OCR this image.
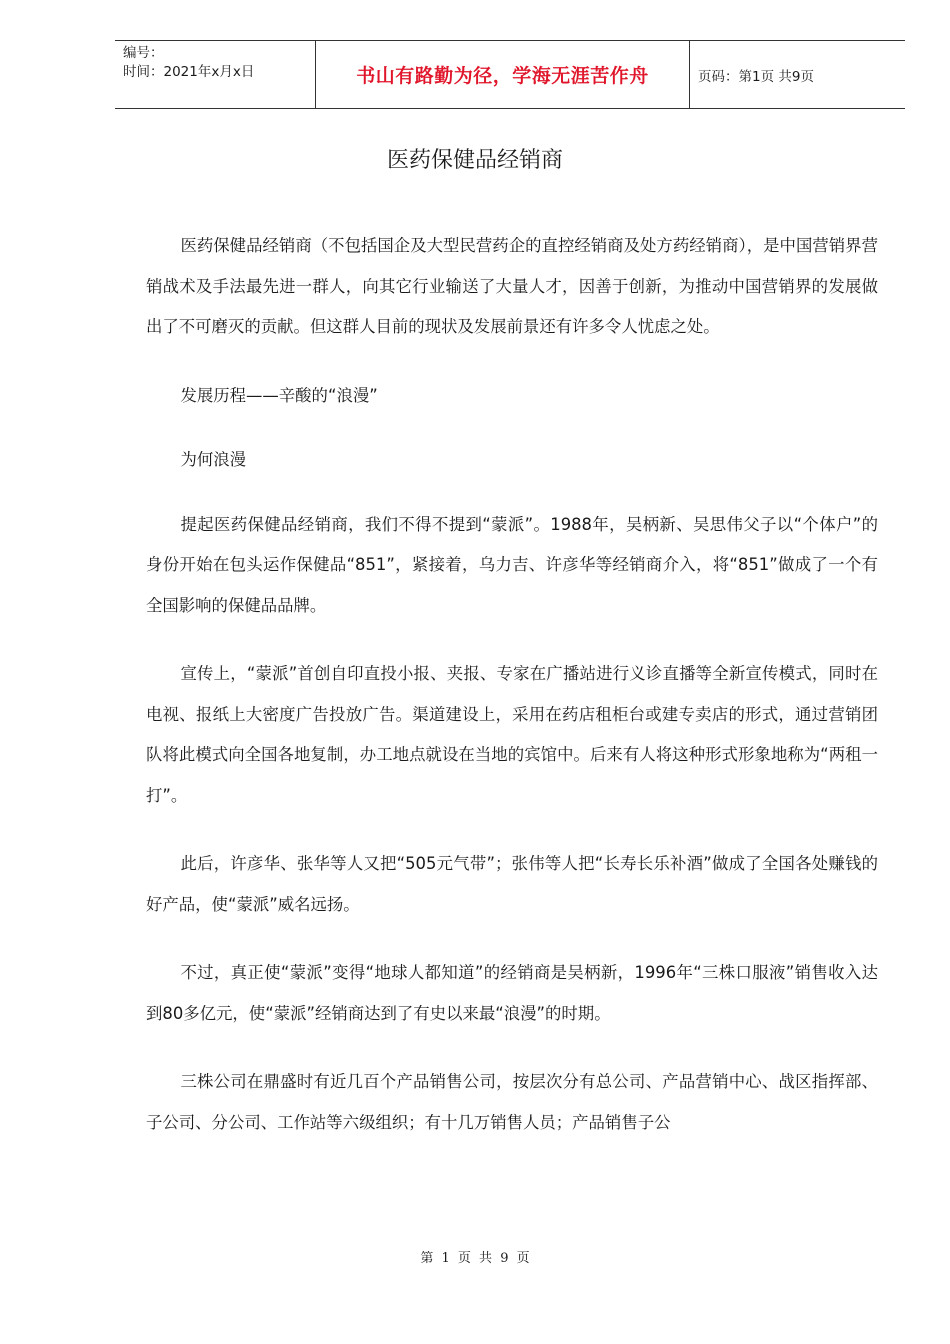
编号：
时间：2021年x月x日	书山有路勤为径，学海无涯苦作舟	页码：第1页 共9页
医药保健品经销商

医药保健品经销商（不包括国企及大型民营药企的直控经销商及处方药经销商），是中国营销界营销战术及手法最先进一群人，向其它行业输送了大量人才，因善于创新，为推动中国营销界的发展做出了不可磨灭的贡献。但这群人目前的现状及发展前景还有许多令人忧虑之处。

发展历程——辛酸的“浪漫”

为何浪漫

提起医药保健品经销商，我们不得不提到“蒙派”。1988年，吴柄新、吴思伟父子以“个体户”的身份开始在包头运作保健品“851”，紧接着，乌力吉、许彦华等经销商介入，将“851”做成了一个有全国影响的保健品品牌。

宣传上，“蒙派”首创自印直投小报、夹报、专家在广播站进行义诊直播等全新宣传模式，同时在电视、报纸上大密度广告投放广告。渠道建设上，采用在药店租柜台或建专卖店的形式，通过营销团队将此模式向全国各地复制，办工地点就设在当地的宾馆中。后来有人将这种形式形象地称为“两租一打”。

此后，许彦华、张华等人又把“505元气带”；张伟等人把“长寿长乐补酒”做成了全国各处赚钱的好产品，使“蒙派”威名远扬。

不过，真正使“蒙派”变得“地球人都知道”的经销商是吴柄新，1996年“三株口服液”销售收入达到80多亿元，使“蒙派”经销商达到了有史以来最“浪漫”的时期。

三株公司在鼎盛时有近几百个产品销售公司，按层次分有总公司、产品营销中心、战区指挥部、子公司、分公司、工作站等六级组织；有十几万销售人员；产品销售子公

第 1 页 共 9 页
